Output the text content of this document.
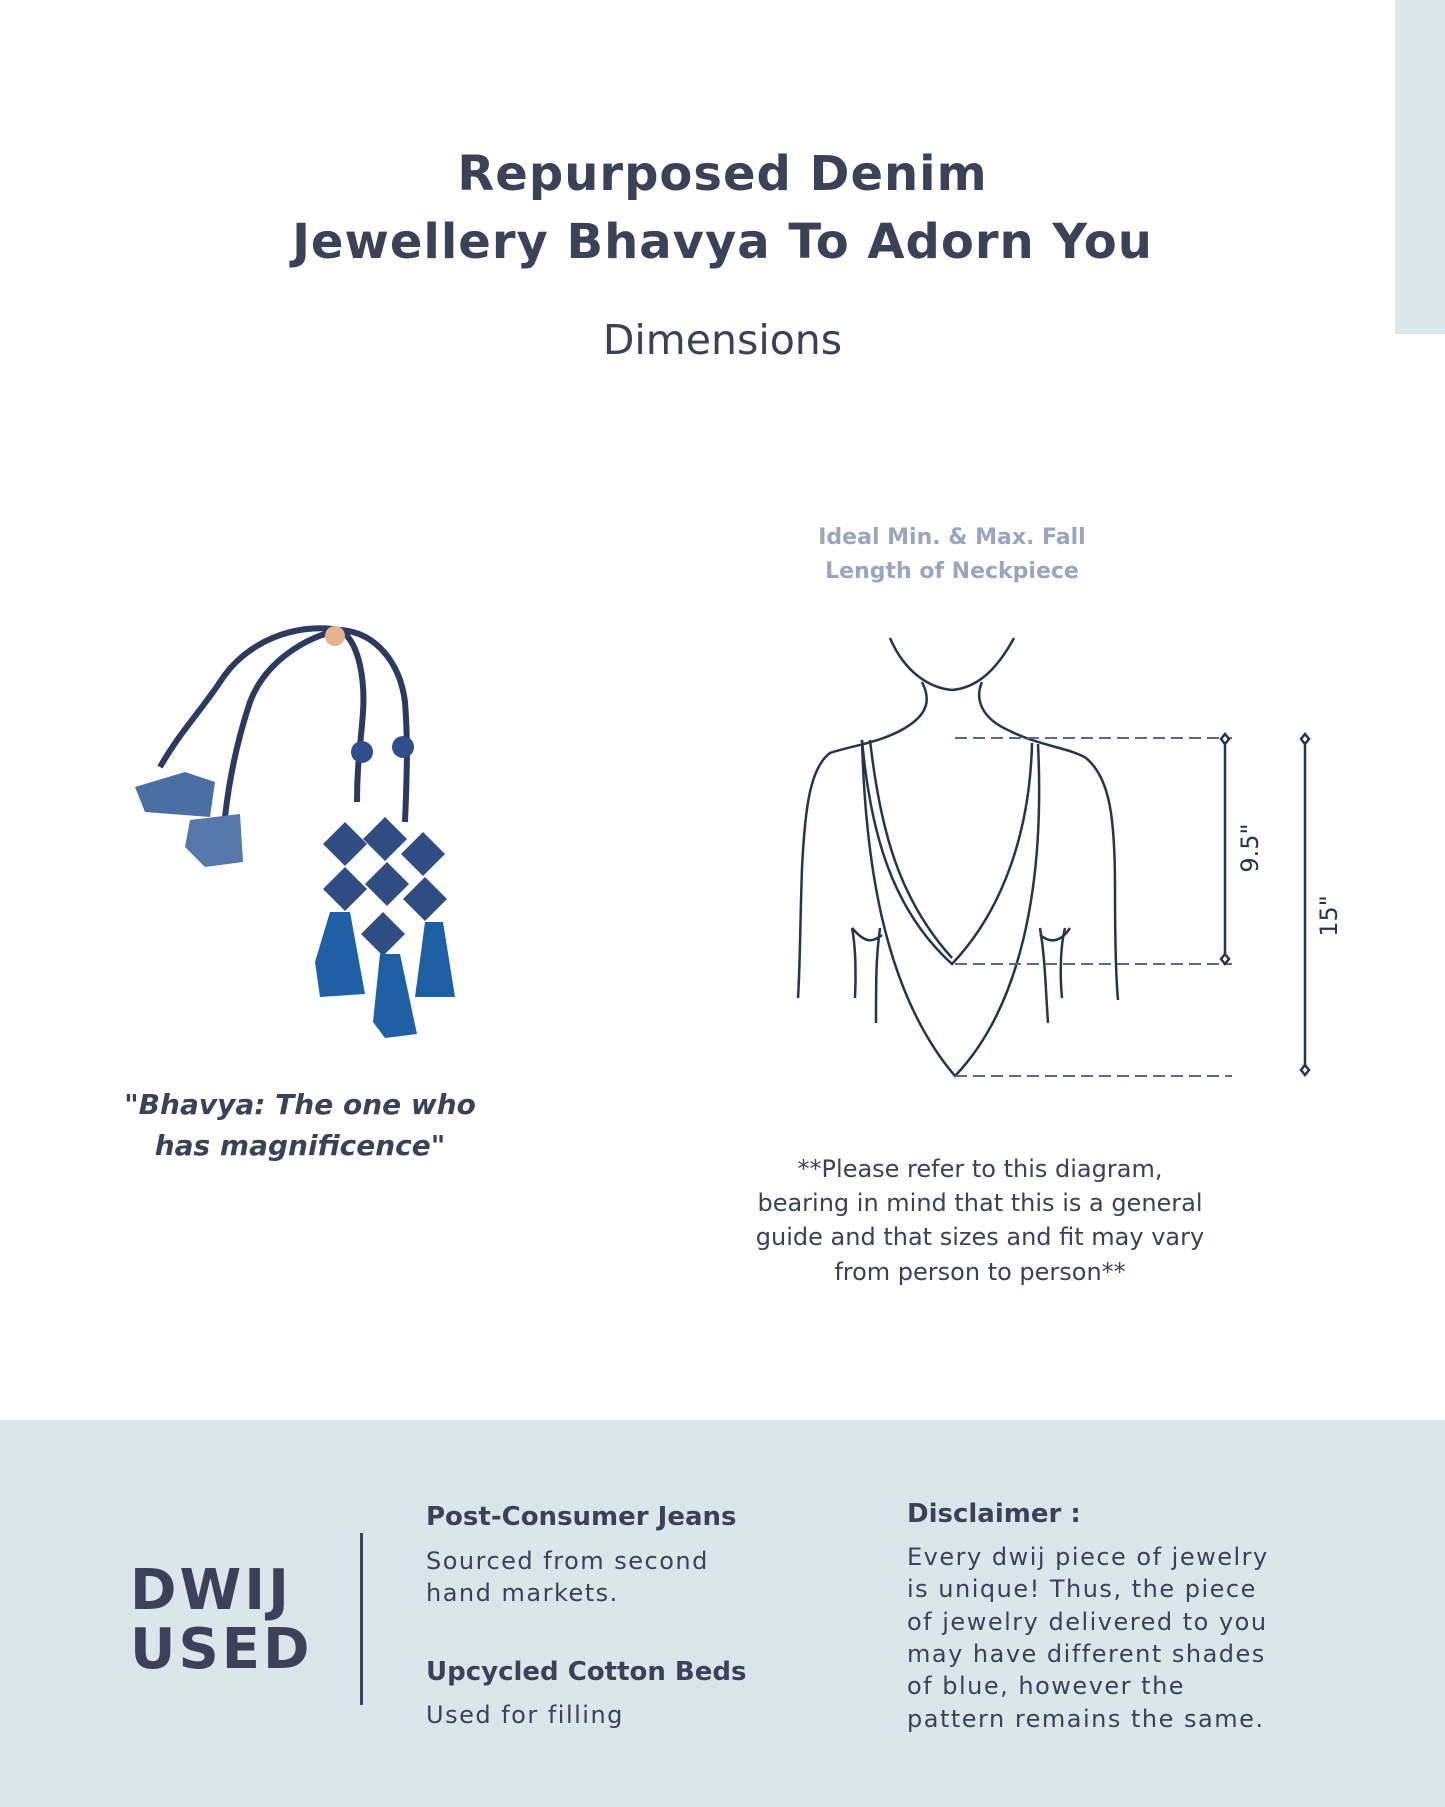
Repurposed Denim
Jewellery Bhavya To Adorn You
Dimensions
"Bhavya: The one who
has magnificence"
Ideal Min. & Max. Fall
Length of Neckpiece
9.5"
15"
**Please refer to this diagram,
bearing in mind that this is a general
guide and that sizes and fit may vary
from person to person**
DWIJ
USED
Post-Consumer Jeans
Sourced from second
hand markets.
Upcycled Cotton Beds
Used for filling
Disclaimer :
Every dwij piece of jewelry
is unique! Thus, the piece
of jewelry delivered to you
may have different shades
of blue, however the
pattern remains the same.
